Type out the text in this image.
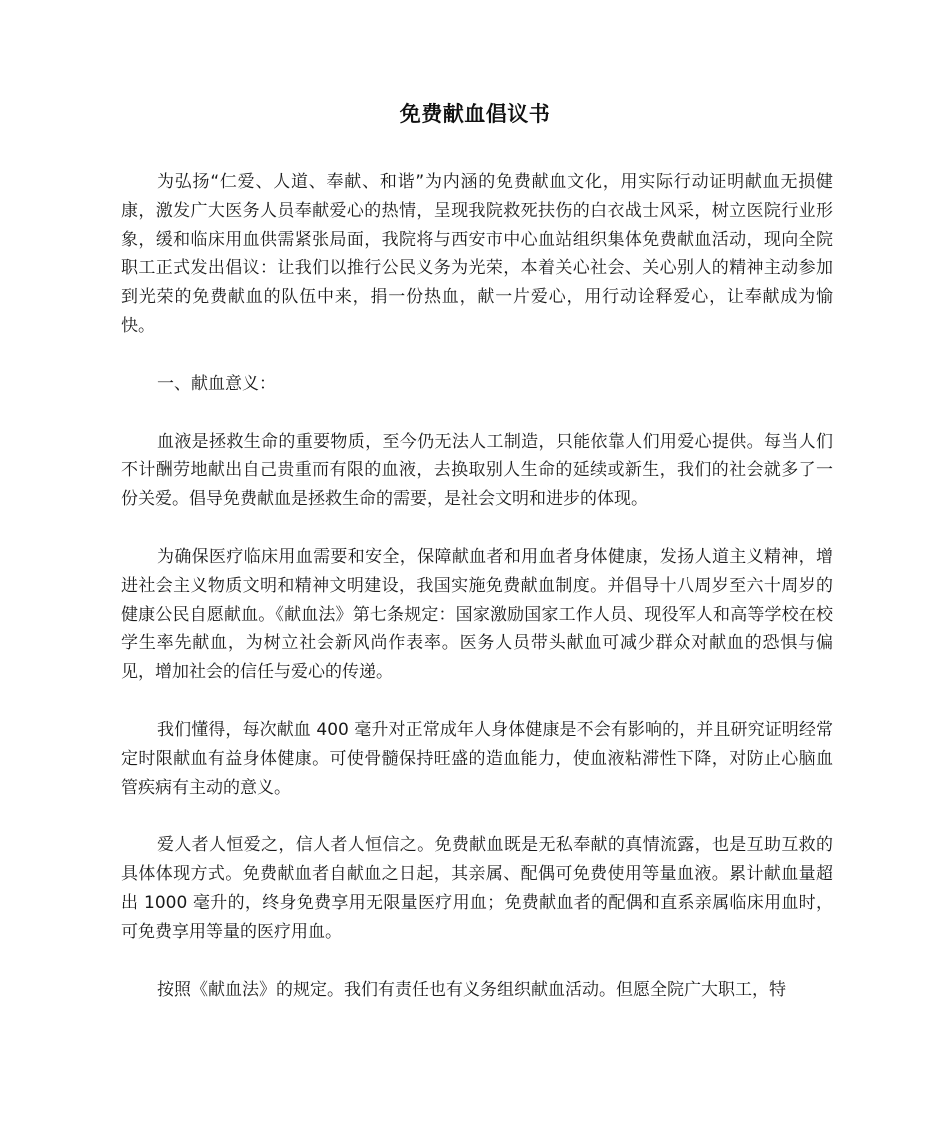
免费献血倡议书

为弘扬“仁爱、人道、奉献、和谐”为内涵的免费献血文化，用实际行动证明献血无损健康，激发广大医务人员奉献爱心的热情，呈现我院救死扶伤的白衣战士风采，树立医院行业形象，缓和临床用血供需紧张局面，我院将与西安市中心血站组织集体免费献血活动，现向全院职工正式发出倡议：让我们以推行公民义务为光荣，本着关心社会、关心别人的精神主动参加到光荣的免费献血的队伍中来，捐一份热血，献一片爱心，用行动诠释爱心，让奉献成为愉快。

一、献血意义：

血液是拯救生命的重要物质，至今仍无法人工制造，只能依靠人们用爱心提供。每当人们不计酬劳地献出自己贵重而有限的血液，去换取别人生命的延续或新生，我们的社会就多了一份关爱。倡导免费献血是拯救生命的需要，是社会文明和进步的体现。

为确保医疗临床用血需要和安全，保障献血者和用血者身体健康，发扬人道主义精神，增进社会主义物质文明和精神文明建设，我国实施免费献血制度。并倡导十八周岁至六十周岁的健康公民自愿献血。《献血法》第七条规定：国家激励国家工作人员、现役军人和高等学校在校学生率先献血，为树立社会新风尚作表率。医务人员带头献血可减少群众对献血的恐惧与偏见，增加社会的信任与爱心的传递。

我们懂得，每次献血 400 毫升对正常成年人身体健康是不会有影响的，并且研究证明经常定时限献血有益身体健康。可使骨髓保持旺盛的造血能力，使血液粘滞性下降，对防止心脑血管疾病有主动的意义。

爱人者人恒爱之，信人者人恒信之。免费献血既是无私奉献的真情流露，也是互助互救的具体体现方式。免费献血者自献血之日起，其亲属、配偶可免费使用等量血液。累计献血量超出 1000 毫升的，终身免费享用无限量医疗用血；免费献血者的配偶和直系亲属临床用血时，可免费享用等量的医疗用血。

按照《献血法》的规定。我们有责任也有义务组织献血活动。但愿全院广大职工，特
